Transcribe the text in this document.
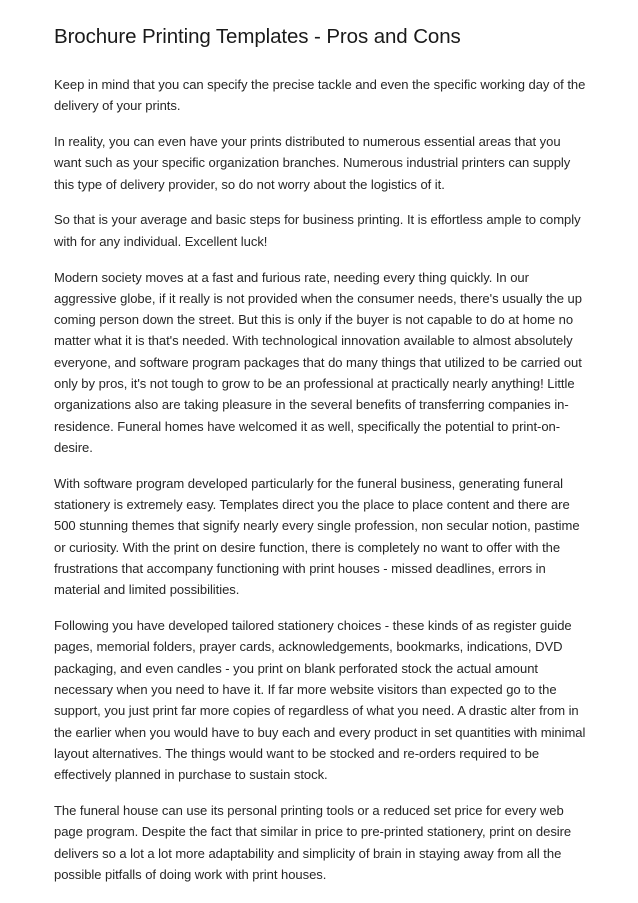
Brochure Printing Templates - Pros and Cons

Keep in mind that you can specify the precise tackle and even the specific working day of the delivery of your prints.

In reality, you can even have your prints distributed to numerous essential areas that you want such as your specific organization branches. Numerous industrial printers can supply this type of delivery provider, so do not worry about the logistics of it.

So that is your average and basic steps for business printing. It is effortless ample to comply with for any individual. Excellent luck!

Modern society moves at a fast and furious rate, needing every thing quickly. In our aggressive globe, if it really is not provided when the consumer needs, there's usually the up coming person down the street. But this is only if the buyer is not capable to do at home no matter what it is that's needed. With technological innovation available to almost absolutely everyone, and software program packages that do many things that utilized to be carried out only by pros, it's not tough to grow to be an professional at practically nearly anything! Little organizations also are taking pleasure in the several benefits of transferring companies in-residence. Funeral homes have welcomed it as well, specifically the potential to print-on-desire.

With software program developed particularly for the funeral business, generating funeral stationery is extremely easy. Templates direct you the place to place content and there are 500 stunning themes that signify nearly every single profession, non secular notion, pastime or curiosity. With the print on desire function, there is completely no want to offer with the frustrations that accompany functioning with print houses - missed deadlines, errors in material and limited possibilities.

Following you have developed tailored stationery choices - these kinds of as register guide pages, memorial folders, prayer cards, acknowledgements, bookmarks, indications, DVD packaging, and even candles - you print on blank perforated stock the actual amount necessary when you need to have it. If far more website visitors than expected go to the support, you just print far more copies of regardless of what you need. A drastic alter from in the earlier when you would have to buy each and every product in set quantities with minimal layout alternatives. The things would want to be stocked and re-orders required to be effectively planned in purchase to sustain stock.

The funeral house can use its personal printing tools or a reduced set price for every web page program. Despite the fact that similar in price to pre-printed stationery, print on desire delivers so a lot a lot more adaptability and simplicity of brain in staying away from all the possible pitfalls of doing work with print houses.
